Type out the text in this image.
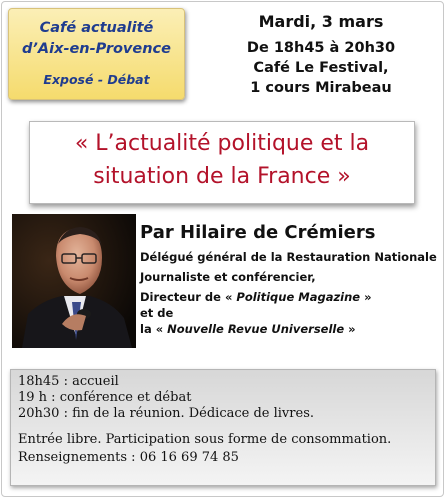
Café actualité
d’Aix-en-Provence
Exposé - Débat
Mardi, 3 mars
De 18h45 à 20h30
Café Le Festival,
1 cours Mirabeau
« L’actualité politique et la
situation de la France »
Par Hilaire de Crémiers
Délégué général de la Restauration Nationale
Journaliste et conférencier,
Directeur de « Politique Magazine »
et de
la « Nouvelle Revue Universelle »
18h45 : accueil
19 h : conférence et débat
20h30 : fin de la réunion. Dédicace de livres.
Entrée libre. Participation sous forme de consommation.
Renseignements : 06 16 69 74 85
